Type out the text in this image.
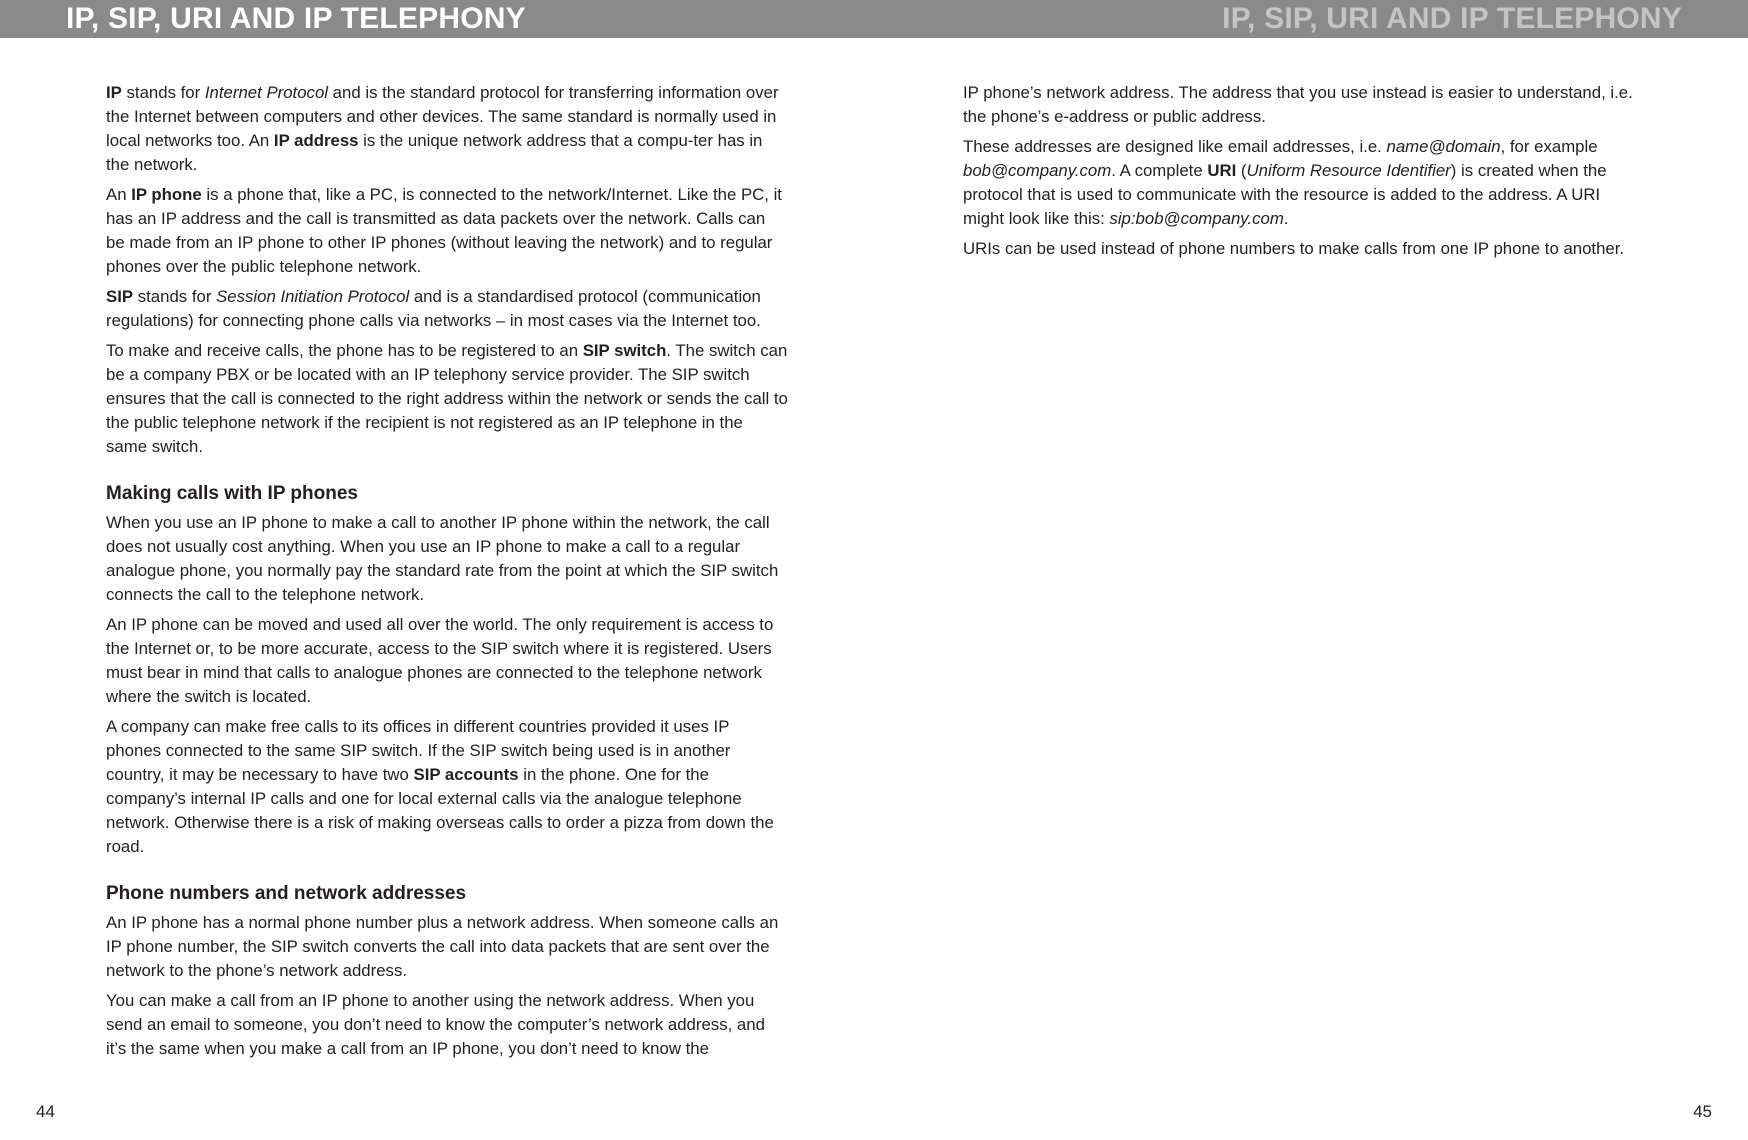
IP, SIP, URI AND IP TELEPHONY	IP, SIP, URI AND IP TELEPHONY

IP stands for Internet Protocol and is the standard protocol for transferring information over the Internet between computers and other devices. The same standard is normally used in local networks too. An IP address is the unique network address that a compu-ter has in the network.

An IP phone is a phone that, like a PC, is connected to the network/Internet. Like the PC, it has an IP address and the call is transmitted as data packets over the network. Calls can be made from an IP phone to other IP phones (without leaving the network) and to regular phones over the public telephone network.

SIP stands for Session Initiation Protocol and is a standardised protocol (communication regulations) for connecting phone calls via networks – in most cases via the Internet too.

To make and receive calls, the phone has to be registered to an SIP switch. The switch can be a company PBX or be located with an IP telephony service provider. The SIP switch ensures that the call is connected to the right address within the network or sends the call to the public telephone network if the recipient is not registered as an IP telephone in the same switch.

Making calls with IP phones

When you use an IP phone to make a call to another IP phone within the network, the call does not usually cost anything. When you use an IP phone to make a call to a regular analogue phone, you normally pay the standard rate from the point at which the SIP switch connects the call to the telephone network.

An IP phone can be moved and used all over the world. The only requirement is access to the Internet or, to be more accurate, access to the SIP switch where it is registered. Users must bear in mind that calls to analogue phones are connected to the telephone network where the switch is located.

A company can make free calls to its offices in different countries provided it uses IP phones connected to the same SIP switch. If the SIP switch being used is in another country, it may be necessary to have two SIP accounts in the phone. One for the company’s internal IP calls and one for local external calls via the analogue telephone network. Otherwise there is a risk of making overseas calls to order a pizza from down the road.

Phone numbers and network addresses

An IP phone has a normal phone number plus a network address. When someone calls an IP phone number, the SIP switch converts the call into data packets that are sent over the network to the phone’s network address.

You can make a call from an IP phone to another using the network address. When you send an email to someone, you don’t need to know the computer’s network address, and it’s the same when you make a call from an IP phone, you don’t need to know the

IP phone’s network address. The address that you use instead is easier to understand, i.e. the phone’s e-address or public address.

These addresses are designed like email addresses, i.e. name@domain, for example bob@company.com. A complete URI (Uniform Resource Identifier) is created when the protocol that is used to communicate with the resource is added to the address. A URI might look like this: sip:bob@company.com.

URIs can be used instead of phone numbers to make calls from one IP phone to another.

44	45
